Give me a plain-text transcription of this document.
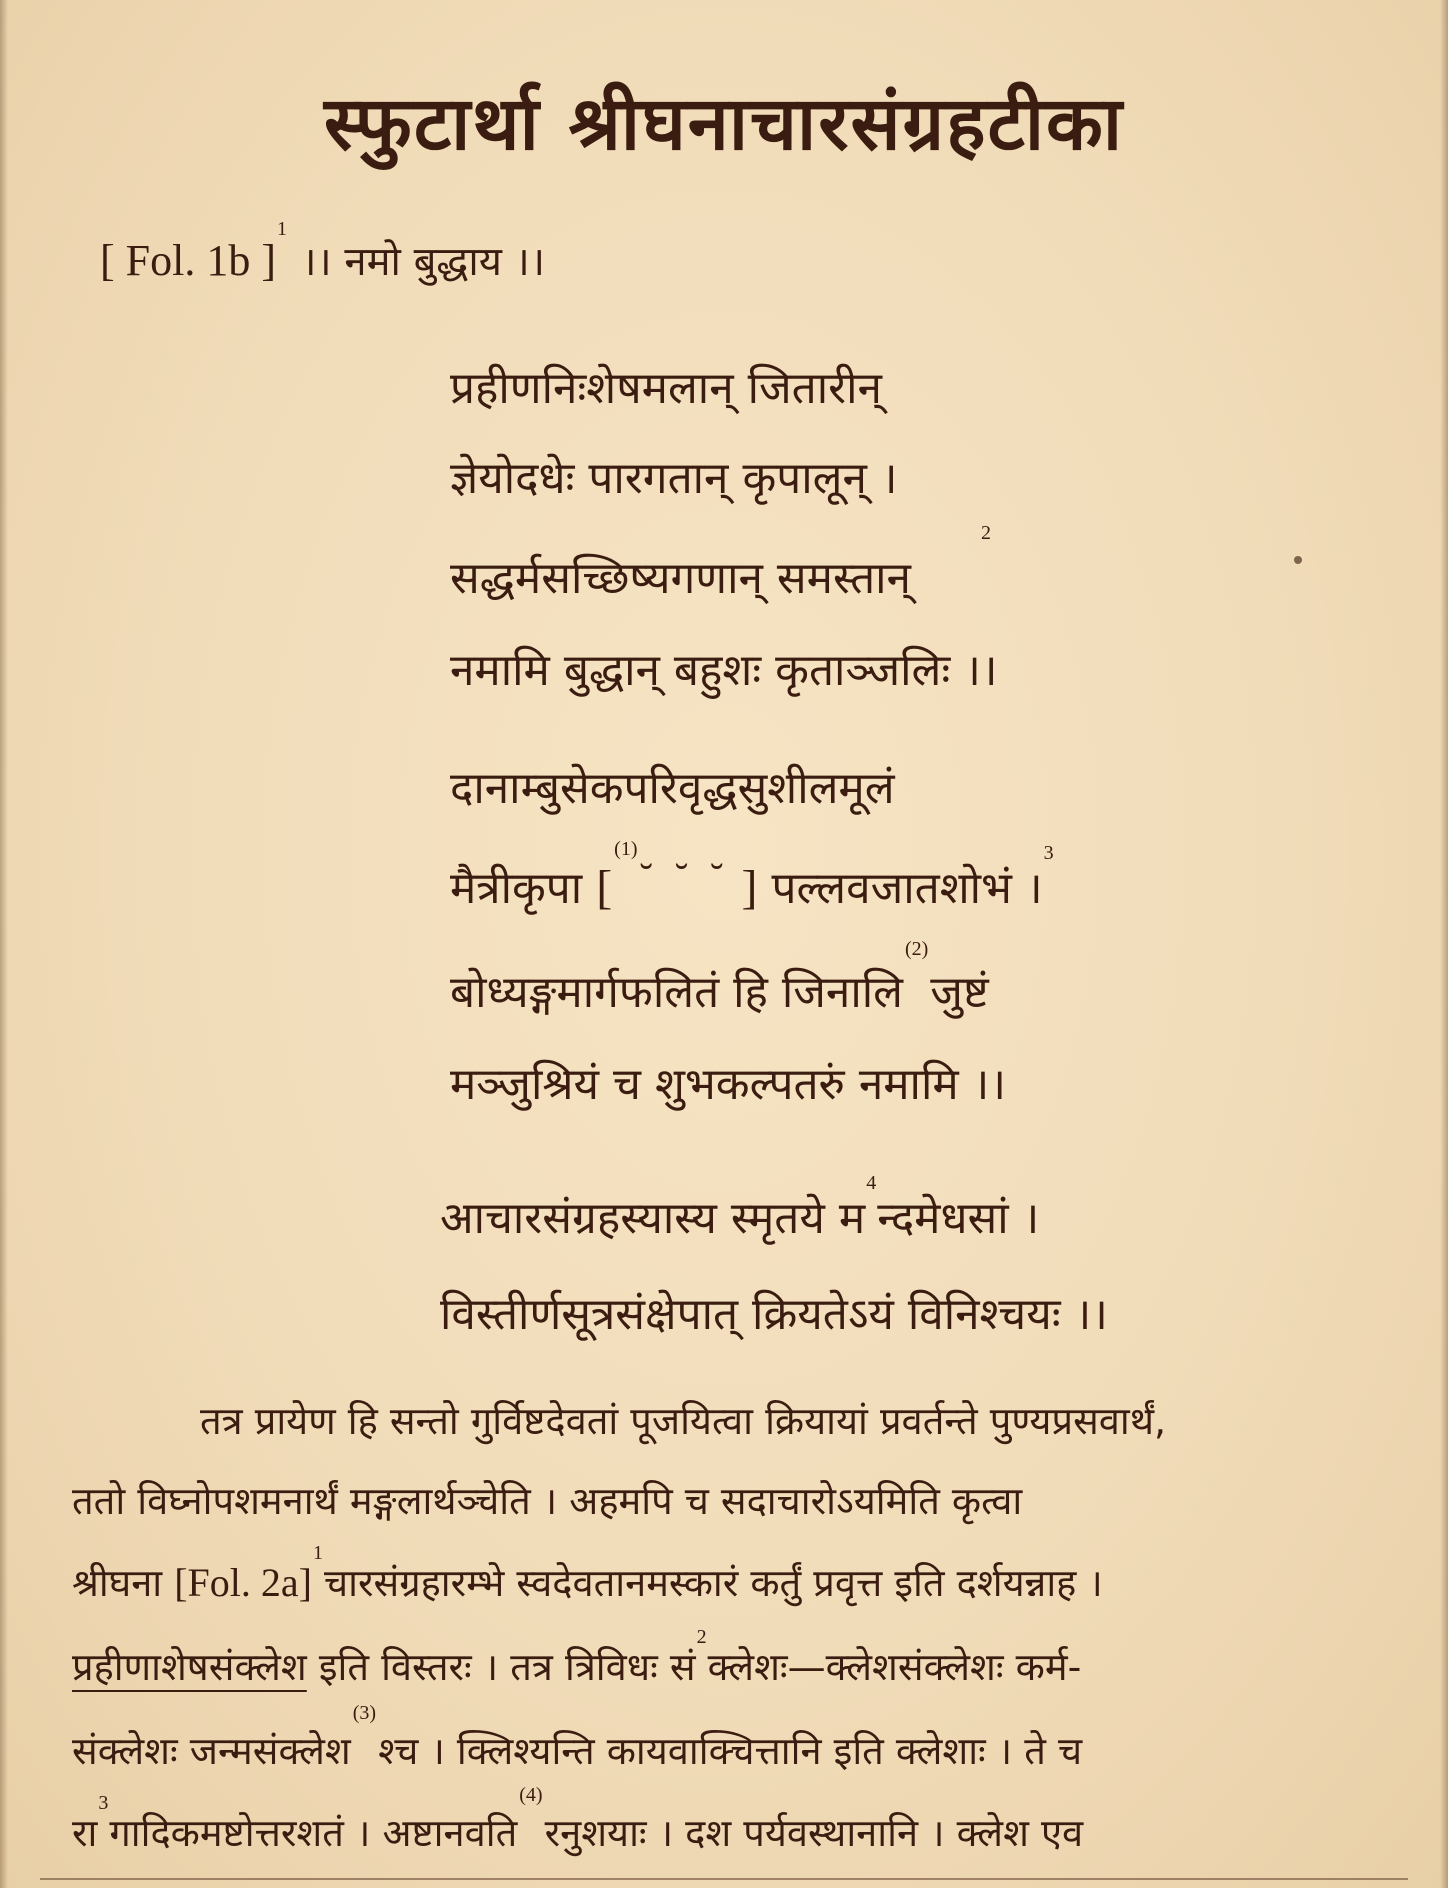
स्फुटार्था श्रीघनाचारसंग्रहटीका
[ Fol. 1b ]$^1$ ।। नमो बुद्धाय ।।
प्रहीणनिःशेषमलान् जितारीन्
ज्ञेयोदधेः पारगतान् कृपालून् ।
सद्धर्मसच्छिष्यगणान् समस्तान्
2
नमामि बुद्धान् बहुशः कृताञ्जलिः ।।
दानाम्बुसेकपरिवृद्धसुशीलमूलं
मैत्रीकृपा [$^{(1)˘ ˘ ˘}$ ] पल्लवजातशोभं ।$^3$
बोध्यङ्गमार्गफलितं हि जिनालि$^{(2)}$जुष्टं
मञ्जुश्रियं च शुभकल्पतरुं नमामि ।।
आचारसंग्रहस्यास्य स्मृतये म$^4$न्दमेधसां ।
विस्तीर्णसूत्रसंक्षेपात् क्रियतेऽयं विनिश्चयः ।।
तत्र प्रायेण हि सन्तो गुर्विष्टदेवतां पूजयित्वा क्रियायां प्रवर्तन्ते पुण्यप्रसवार्थं,
ततो विघ्नोपशमनार्थं मङ्गलार्थञ्चेति । अहमपि च सदाचारोऽयमिति कृत्वा
श्रीघना [Fol. 2a]$^1$चारसंग्रहारम्भे स्वदेवतानमस्कारं कर्तुं प्रवृत्त इति दर्शयन्नाह ।
प्रहीणाशेषसंक्लेश इति विस्तरः । तत्र त्रिविधः सं$^2$क्लेशः—क्लेशसंक्लेशः कर्म-
संक्लेशः जन्मसंक्लेश$^{(3)}$श्च । क्लिश्यन्ति कायवाक्चित्तानि इति क्लेशाः । ते च
रा$^3$गादिकमष्टोत्तरशतं । अष्टानवति$^{(4)}$रनुशयाः । दश पर्यवस्थानानि । क्लेश एव
